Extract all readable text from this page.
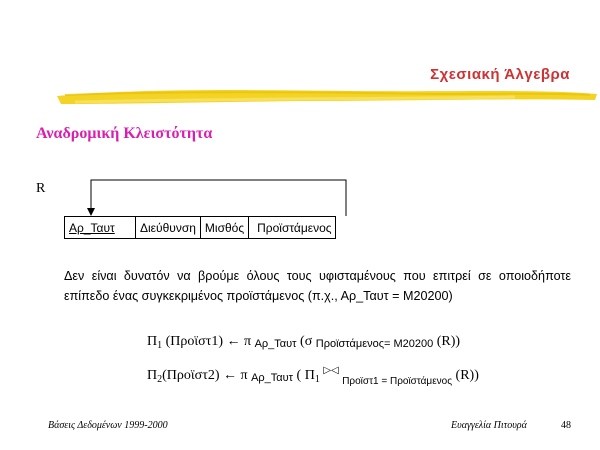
Σχεσιακή Άλγεβρα
Αναδρομική Κλειστότητα
R
Αρ_Ταυτ	Διεύθυνση	Μισθός	Προϊστάμενος
Δεν είναι δυνατόν να βρούμε όλους τους υφισταμένους που επιτρεί σε οποιοδήποτε επίπεδο ένας συγκεκριμένος προϊστάμενος (π.χ., Αρ_Ταυτ = Μ20200)
$\Pi_1$ (Προϊστ1) ← π Αρ_Ταυτ (σ Προϊστάμενος= Μ20200 (R))
$\Pi_2(\Pi\rho oϊ\sigma\tau 2)$ ← π Αρ_Ταυτ ( $\Pi_1$ ▷◁ $_{\Pi\rho oϊ\sigma\tau 1 = \Pi\rho oϊ\sigma\tau ά\mu\varepsilon\nu o\varsigma}$ (R))
Βάσεις Δεδομένων 1999-2000	Ευαγγελία Πιτουρά	48
